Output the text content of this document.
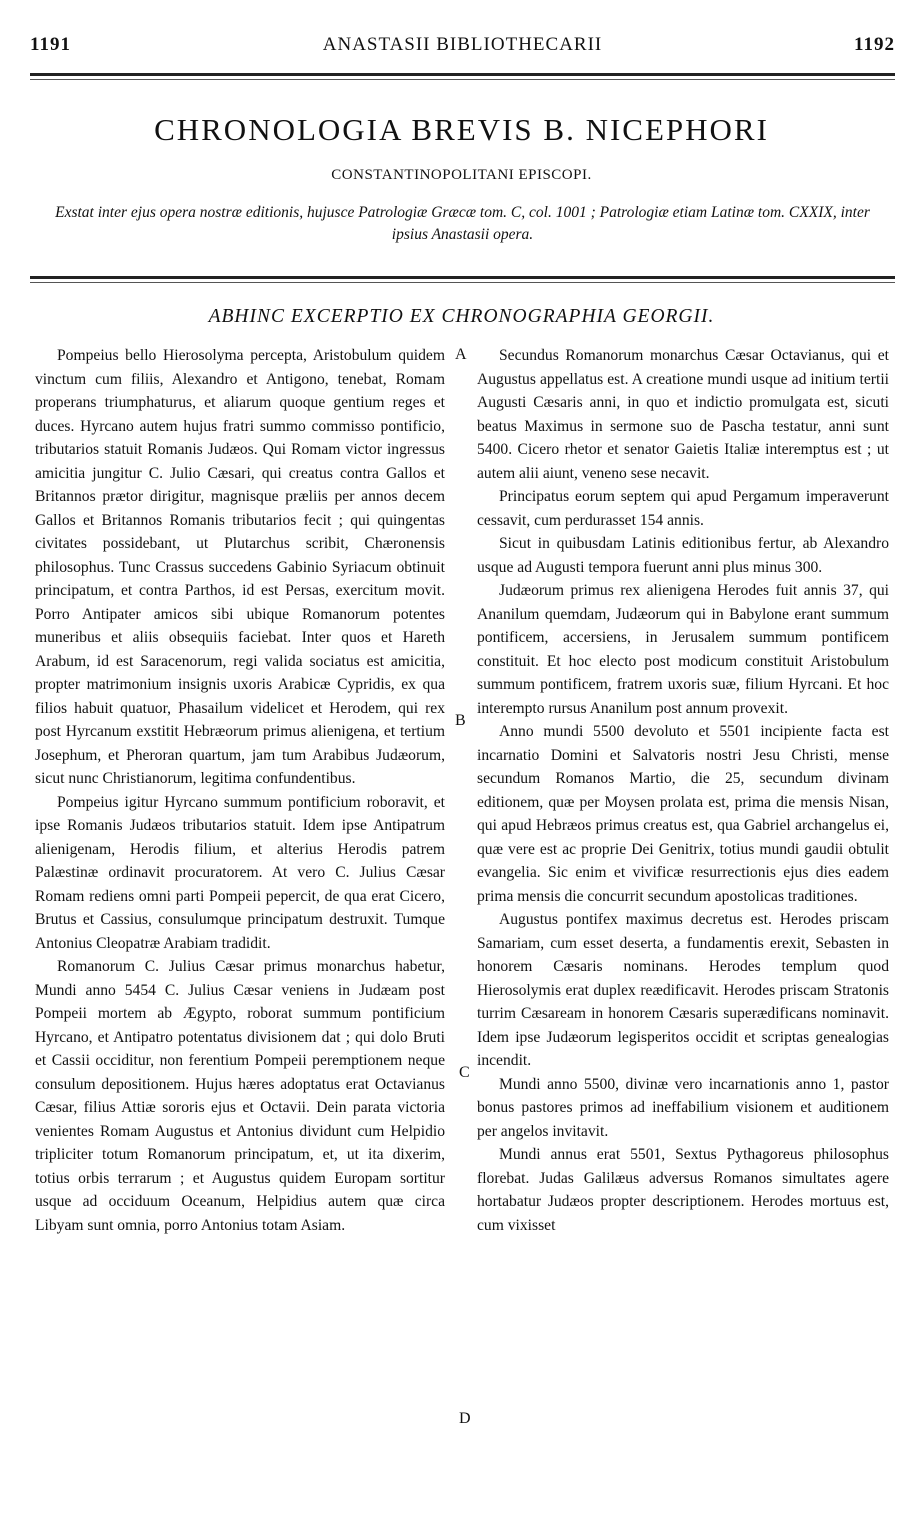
1191	ANASTASII BIBLIOTHECARII	1192
CHRONOLOGIA BREVIS B. NICEPHORI
CONSTANTINOPOLITANI EPISCOPI.
Exstat inter ejus opera nostræ editionis, hujusce Patrologiæ Græcæ tom. C, col. 1001 ; Patrologiæ etiam Latinæ tom. CXXIX, inter ipsius Anastasii opera.
ABHINC EXCERPTIO EX CHRONOGRAPHIA GEORGII.

Pompeius bello Hierosolyma percepta, Aristobulum quidem vinctum cum filiis, Alexandro et Antigono, tenebat, Romam properans triumphaturus, et aliarum quoque gentium reges et duces. Hyrcano autem hujus fratri summo commisso pontificio, tributarios statuit Romanis Judæos. Qui Romam victor ingressus amicitia jungitur C. Julio Cæsari, qui creatus contra Gallos et Britannos prætor dirigitur, magnisque præliis per annos decem Gallos et Britannos Romanis tributarios fecit ; qui quingentas civitates possidebant, ut Plutarchus scribit, Chæronensis philosophus. Tunc Crassus succedens Gabinio Syriacum obtinuit principatum, et contra Parthos, id est Persas, exercitum movit. Porro Antipater amicos sibi ubique Romanorum potentes muneribus et aliis obsequiis faciebat. Inter quos et Hareth Arabum, id est Saracenorum, regi valida sociatus est amicitia, propter matrimonium insignis uxoris Arabicæ Cypridis, ex qua filios habuit quatuor, Phasailum videlicet et Herodem, qui rex post Hyrcanum exstitit Hebræorum primus alienigena, et tertium Josephum, et Pheroran quartum, jam tum Arabibus Judæorum, sicut nunc Christianorum, legitima confundentibus.

Pompeius igitur Hyrcano summum pontificium roboravit, et ipse Romanis Judæos tributarios statuit. Idem ipse Antipatrum alienigenam, Herodis filium, et alterius Herodis patrem Palæstinæ ordinavit procuratorem. At vero C. Julius Cæsar Romam rediens omni parti Pompeii pepercit, de qua erat Cicero, Brutus et Cassius, consulumque principatum destruxit. Tumque Antonius Cleopatræ Arabiam tradidit.

Romanorum C. Julius Cæsar primus monarchus habetur, Mundi anno 5454 C. Julius Cæsar veniens in Judæam post Pompeii mortem ab Ægypto, roborat summum pontificium Hyrcano, et Antipatro potentatus divisionem dat ; qui dolo Bruti et Cassii occiditur, non ferentium Pompeii peremptionem neque consulum depositionem. Hujus hæres adoptatus erat Octavianus Cæsar, filius Attiæ sororis ejus et Octavii. Dein parata victoria venientes Romam Augustus et Antonius dividunt cum Helpidio tripliciter totum Romanorum principatum, et, ut ita dixerim, totius orbis terrarum ; et Augustus quidem Europam sortitur usque ad occiduum Oceanum, Helpidius autem quæ circa Libyam sunt omnia, porro Antonius totam Asiam.

Secundus Romanorum monarchus Cæsar Octavianus, qui et Augustus appellatus est. A creatione mundi usque ad initium tertii Augusti Cæsaris anni, in quo et indictio promulgata est, sicuti beatus Maximus in sermone suo de Pascha testatur, anni sunt 5400. Cicero rhetor et senator Gaietis Italiæ interemptus est ; ut autem alii aiunt, veneno sese necavit.

Principatus eorum septem qui apud Pergamum imperaverunt cessavit, cum perdurasset 154 annis.

Sicut in quibusdam Latinis editionibus fertur, ab Alexandro usque ad Augusti tempora fuerunt anni plus minus 300.

Judæorum primus rex alienigena Herodes fuit annis 37, qui Ananilum quemdam, Judæorum qui in Babylone erant summum pontificem, accersiens, in Jerusalem summum pontificem constituit. Et hoc electo post modicum constituit Aristobulum summum pontificem, fratrem uxoris suæ, filium Hyrcani. Et hoc interempto rursus Ananilum post annum provexit.

Anno mundi 5500 devoluto et 5501 incipiente facta est incarnatio Domini et Salvatoris nostri Jesu Christi, mense secundum Romanos Martio, die 25, secundum divinam editionem, quæ per Moysen prolata est, prima die mensis Nisan, qui apud Hebræos primus creatus est, qua Gabriel archangelus ei, quæ vere est ac proprie Dei Genitrix, totius mundi gaudii obtulit evangelia. Sic enim et vivificæ resurrectionis ejus dies eadem prima mensis die concurrit secundum apostolicas traditiones.

Augustus pontifex maximus decretus est. Herodes priscam Samariam, cum esset deserta, a fundamentis erexit, Sebasten in honorem Cæsaris nominans. Herodes templum quod Hierosolymis erat duplex reædificavit. Herodes priscam Stratonis turrim Cæsaream in honorem Cæsaris superædificans nominavit. Idem ipse Judæorum legisperitos occidit et scriptas genealogias incendit.

Mundi anno 5500, divinæ vero incarnationis anno 1, pastor bonus pastores primos ad ineffabilium visionem et auditionem per angelos invitavit.

Mundi annus erat 5501, Sextus Pythagoreus philosophus florebat. Judas Galilæus adversus Romanos simultates agere hortabatur Judæos propter descriptionem. Herodes mortuus est, cum vixisset

A
B
C
D
